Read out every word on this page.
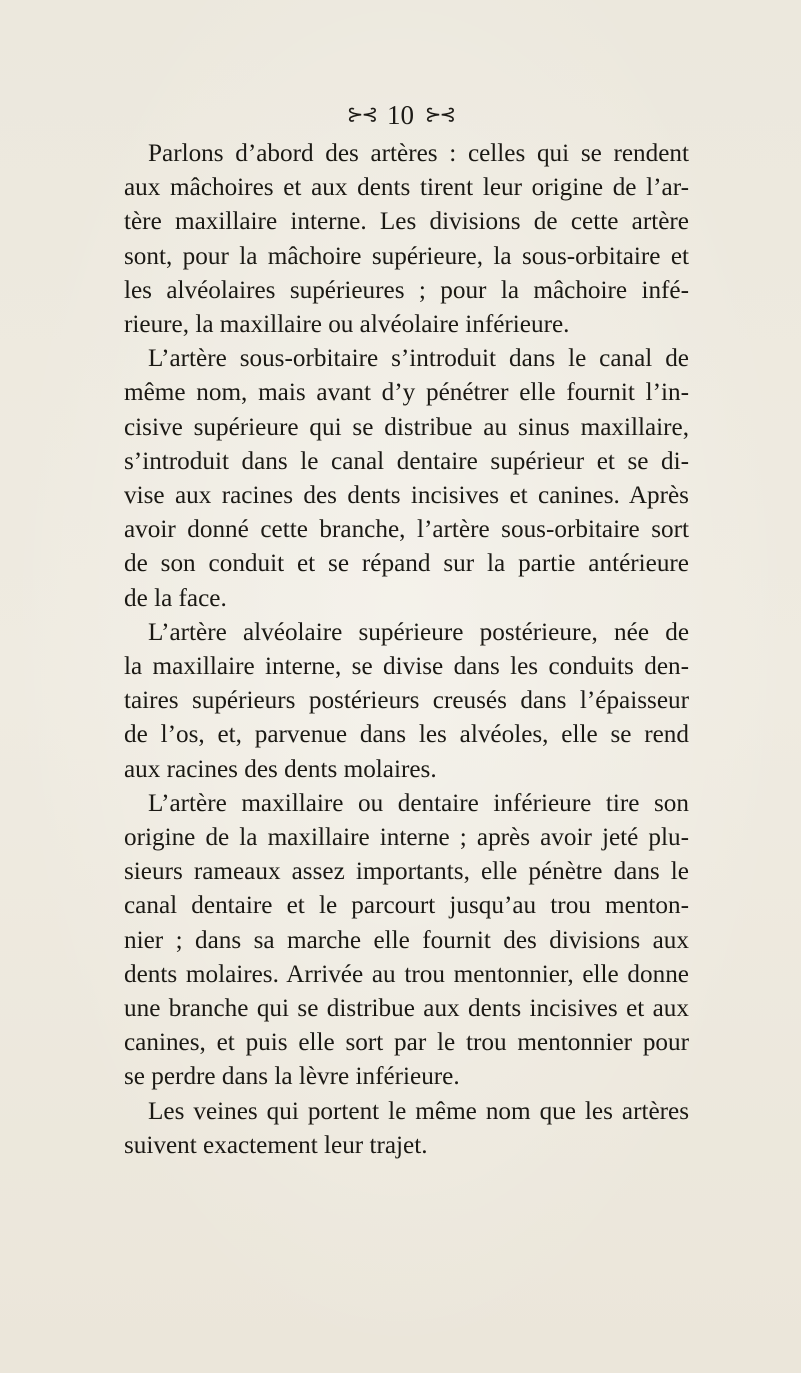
⊱⊰ 10 ⊱⊰

Parlons d’abord des artères : celles qui se rendent
aux mâchoires et aux dents tirent leur origine de l’ar-
tère maxillaire interne. Les divisions de cette artère
sont, pour la mâchoire supérieure, la sous-orbitaire et
les alvéolaires supérieures ; pour la mâchoire infé-
rieure, la maxillaire ou alvéolaire inférieure.

L’artère sous-orbitaire s’introduit dans le canal de
même nom, mais avant d’y pénétrer elle fournit l’in-
cisive supérieure qui se distribue au sinus maxillaire,
s’introduit dans le canal dentaire supérieur et se di-
vise aux racines des dents incisives et canines. Après
avoir donné cette branche, l’artère sous-orbitaire sort
de son conduit et se répand sur la partie antérieure
de la face.

L’artère alvéolaire supérieure postérieure, née de
la maxillaire interne, se divise dans les conduits den-
taires supérieurs postérieurs creusés dans l’épaisseur
de l’os, et, parvenue dans les alvéoles, elle se rend
aux racines des dents molaires.

L’artère maxillaire ou dentaire inférieure tire son
origine de la maxillaire interne ; après avoir jeté plu-
sieurs rameaux assez importants, elle pénètre dans le
canal dentaire et le parcourt jusqu’au trou menton-
nier ; dans sa marche elle fournit des divisions aux
dents molaires. Arrivée au trou mentonnier, elle donne
une branche qui se distribue aux dents incisives et aux
canines, et puis elle sort par le trou mentonnier pour
se perdre dans la lèvre inférieure.

Les veines qui portent le même nom que les artères
suivent exactement leur trajet.
